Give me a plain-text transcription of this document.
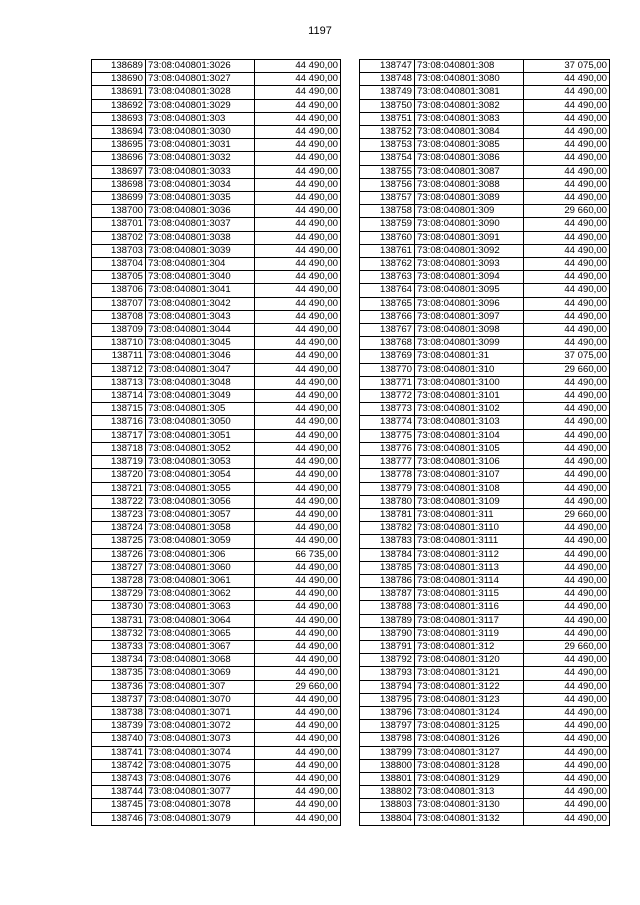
1197
138689	73:08:040801:3026	44 490,00
138690	73:08:040801:3027	44 490,00
138691	73:08:040801:3028	44 490,00
138692	73:08:040801:3029	44 490,00
138693	73:08:040801:303	44 490,00
138694	73:08:040801:3030	44 490,00
138695	73:08:040801:3031	44 490,00
138696	73:08:040801:3032	44 490,00
138697	73:08:040801:3033	44 490,00
138698	73:08:040801:3034	44 490,00
138699	73:08:040801:3035	44 490,00
138700	73:08:040801:3036	44 490,00
138701	73:08:040801:3037	44 490,00
138702	73:08:040801:3038	44 490,00
138703	73:08:040801:3039	44 490,00
138704	73:08:040801:304	44 490,00
138705	73:08:040801:3040	44 490,00
138706	73:08:040801:3041	44 490,00
138707	73:08:040801:3042	44 490,00
138708	73:08:040801:3043	44 490,00
138709	73:08:040801:3044	44 490,00
138710	73:08:040801:3045	44 490,00
138711	73:08:040801:3046	44 490,00
138712	73:08:040801:3047	44 490,00
138713	73:08:040801:3048	44 490,00
138714	73:08:040801:3049	44 490,00
138715	73:08:040801:305	44 490,00
138716	73:08:040801:3050	44 490,00
138717	73:08:040801:3051	44 490,00
138718	73:08:040801:3052	44 490,00
138719	73:08:040801:3053	44 490,00
138720	73:08:040801:3054	44 490,00
138721	73:08:040801:3055	44 490,00
138722	73:08:040801:3056	44 490,00
138723	73:08:040801:3057	44 490,00
138724	73:08:040801:3058	44 490,00
138725	73:08:040801:3059	44 490,00
138726	73:08:040801:306	66 735,00
138727	73:08:040801:3060	44 490,00
138728	73:08:040801:3061	44 490,00
138729	73:08:040801:3062	44 490,00
138730	73:08:040801:3063	44 490,00
138731	73:08:040801:3064	44 490,00
138732	73:08:040801:3065	44 490,00
138733	73:08:040801:3067	44 490,00
138734	73:08:040801:3068	44 490,00
138735	73:08:040801:3069	44 490,00
138736	73:08:040801:307	29 660,00
138737	73:08:040801:3070	44 490,00
138738	73:08:040801:3071	44 490,00
138739	73:08:040801:3072	44 490,00
138740	73:08:040801:3073	44 490,00
138741	73:08:040801:3074	44 490,00
138742	73:08:040801:3075	44 490,00
138743	73:08:040801:3076	44 490,00
138744	73:08:040801:3077	44 490,00
138745	73:08:040801:3078	44 490,00
138746	73:08:040801:3079	44 490,00
138747	73:08:040801:308	37 075,00
138748	73:08:040801:3080	44 490,00
138749	73:08:040801:3081	44 490,00
138750	73:08:040801:3082	44 490,00
138751	73:08:040801:3083	44 490,00
138752	73:08:040801:3084	44 490,00
138753	73:08:040801:3085	44 490,00
138754	73:08:040801:3086	44 490,00
138755	73:08:040801:3087	44 490,00
138756	73:08:040801:3088	44 490,00
138757	73:08:040801:3089	44 490,00
138758	73:08:040801:309	29 660,00
138759	73:08:040801:3090	44 490,00
138760	73:08:040801:3091	44 490,00
138761	73:08:040801:3092	44 490,00
138762	73:08:040801:3093	44 490,00
138763	73:08:040801:3094	44 490,00
138764	73:08:040801:3095	44 490,00
138765	73:08:040801:3096	44 490,00
138766	73:08:040801:3097	44 490,00
138767	73:08:040801:3098	44 490,00
138768	73:08:040801:3099	44 490,00
138769	73:08:040801:31	37 075,00
138770	73:08:040801:310	29 660,00
138771	73:08:040801:3100	44 490,00
138772	73:08:040801:3101	44 490,00
138773	73:08:040801:3102	44 490,00
138774	73:08:040801:3103	44 490,00
138775	73:08:040801:3104	44 490,00
138776	73:08:040801:3105	44 490,00
138777	73:08:040801:3106	44 490,00
138778	73:08:040801:3107	44 490,00
138779	73:08:040801:3108	44 490,00
138780	73:08:040801:3109	44 490,00
138781	73:08:040801:311	29 660,00
138782	73:08:040801:3110	44 490,00
138783	73:08:040801:3111	44 490,00
138784	73:08:040801:3112	44 490,00
138785	73:08:040801:3113	44 490,00
138786	73:08:040801:3114	44 490,00
138787	73:08:040801:3115	44 490,00
138788	73:08:040801:3116	44 490,00
138789	73:08:040801:3117	44 490,00
138790	73:08:040801:3119	44 490,00
138791	73:08:040801:312	29 660,00
138792	73:08:040801:3120	44 490,00
138793	73:08:040801:3121	44 490,00
138794	73:08:040801:3122	44 490,00
138795	73:08:040801:3123	44 490,00
138796	73:08:040801:3124	44 490,00
138797	73:08:040801:3125	44 490,00
138798	73:08:040801:3126	44 490,00
138799	73:08:040801:3127	44 490,00
138800	73:08:040801:3128	44 490,00
138801	73:08:040801:3129	44 490,00
138802	73:08:040801:313	44 490,00
138803	73:08:040801:3130	44 490,00
138804	73:08:040801:3132	44 490,00
